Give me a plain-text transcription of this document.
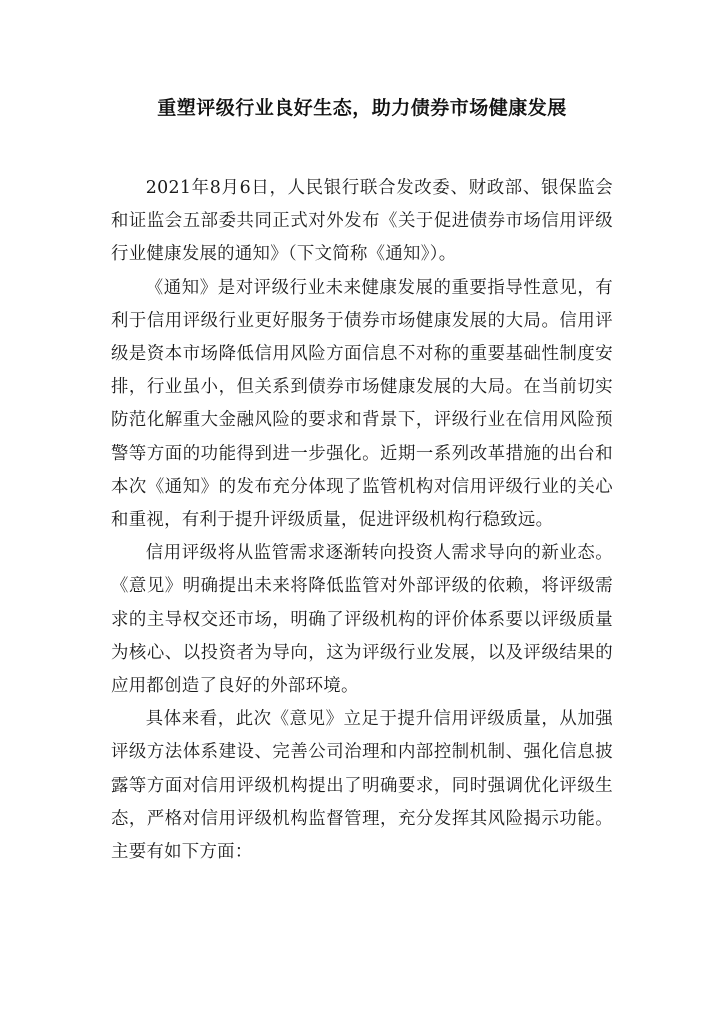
重塑评级行业良好生态，助力债券市场健康发展

2021年8月6日，人民银行联合发改委、财政部、银保监会和证监会五部委共同正式对外发布《关于促进债券市场信用评级行业健康发展的通知》（下文简称《通知》）。

《通知》是对评级行业未来健康发展的重要指导性意见，有利于信用评级行业更好服务于债券市场健康发展的大局。信用评级是资本市场降低信用风险方面信息不对称的重要基础性制度安排，行业虽小，但关系到债券市场健康发展的大局。在当前切实防范化解重大金融风险的要求和背景下，评级行业在信用风险预警等方面的功能得到进一步强化。近期一系列改革措施的出台和本次《通知》的发布充分体现了监管机构对信用评级行业的关心和重视，有利于提升评级质量，促进评级机构行稳致远。

信用评级将从监管需求逐渐转向投资人需求导向的新业态。《意见》明确提出未来将降低监管对外部评级的依赖，将评级需求的主导权交还市场，明确了评级机构的评价体系要以评级质量为核心、以投资者为导向，这为评级行业发展，以及评级结果的应用都创造了良好的外部环境。

具体来看，此次《意见》立足于提升信用评级质量，从加强评级方法体系建设、完善公司治理和内部控制机制、强化信息披露等方面对信用评级机构提出了明确要求，同时强调优化评级生态，严格对信用评级机构监督管理，充分发挥其风险揭示功能。主要有如下方面：
